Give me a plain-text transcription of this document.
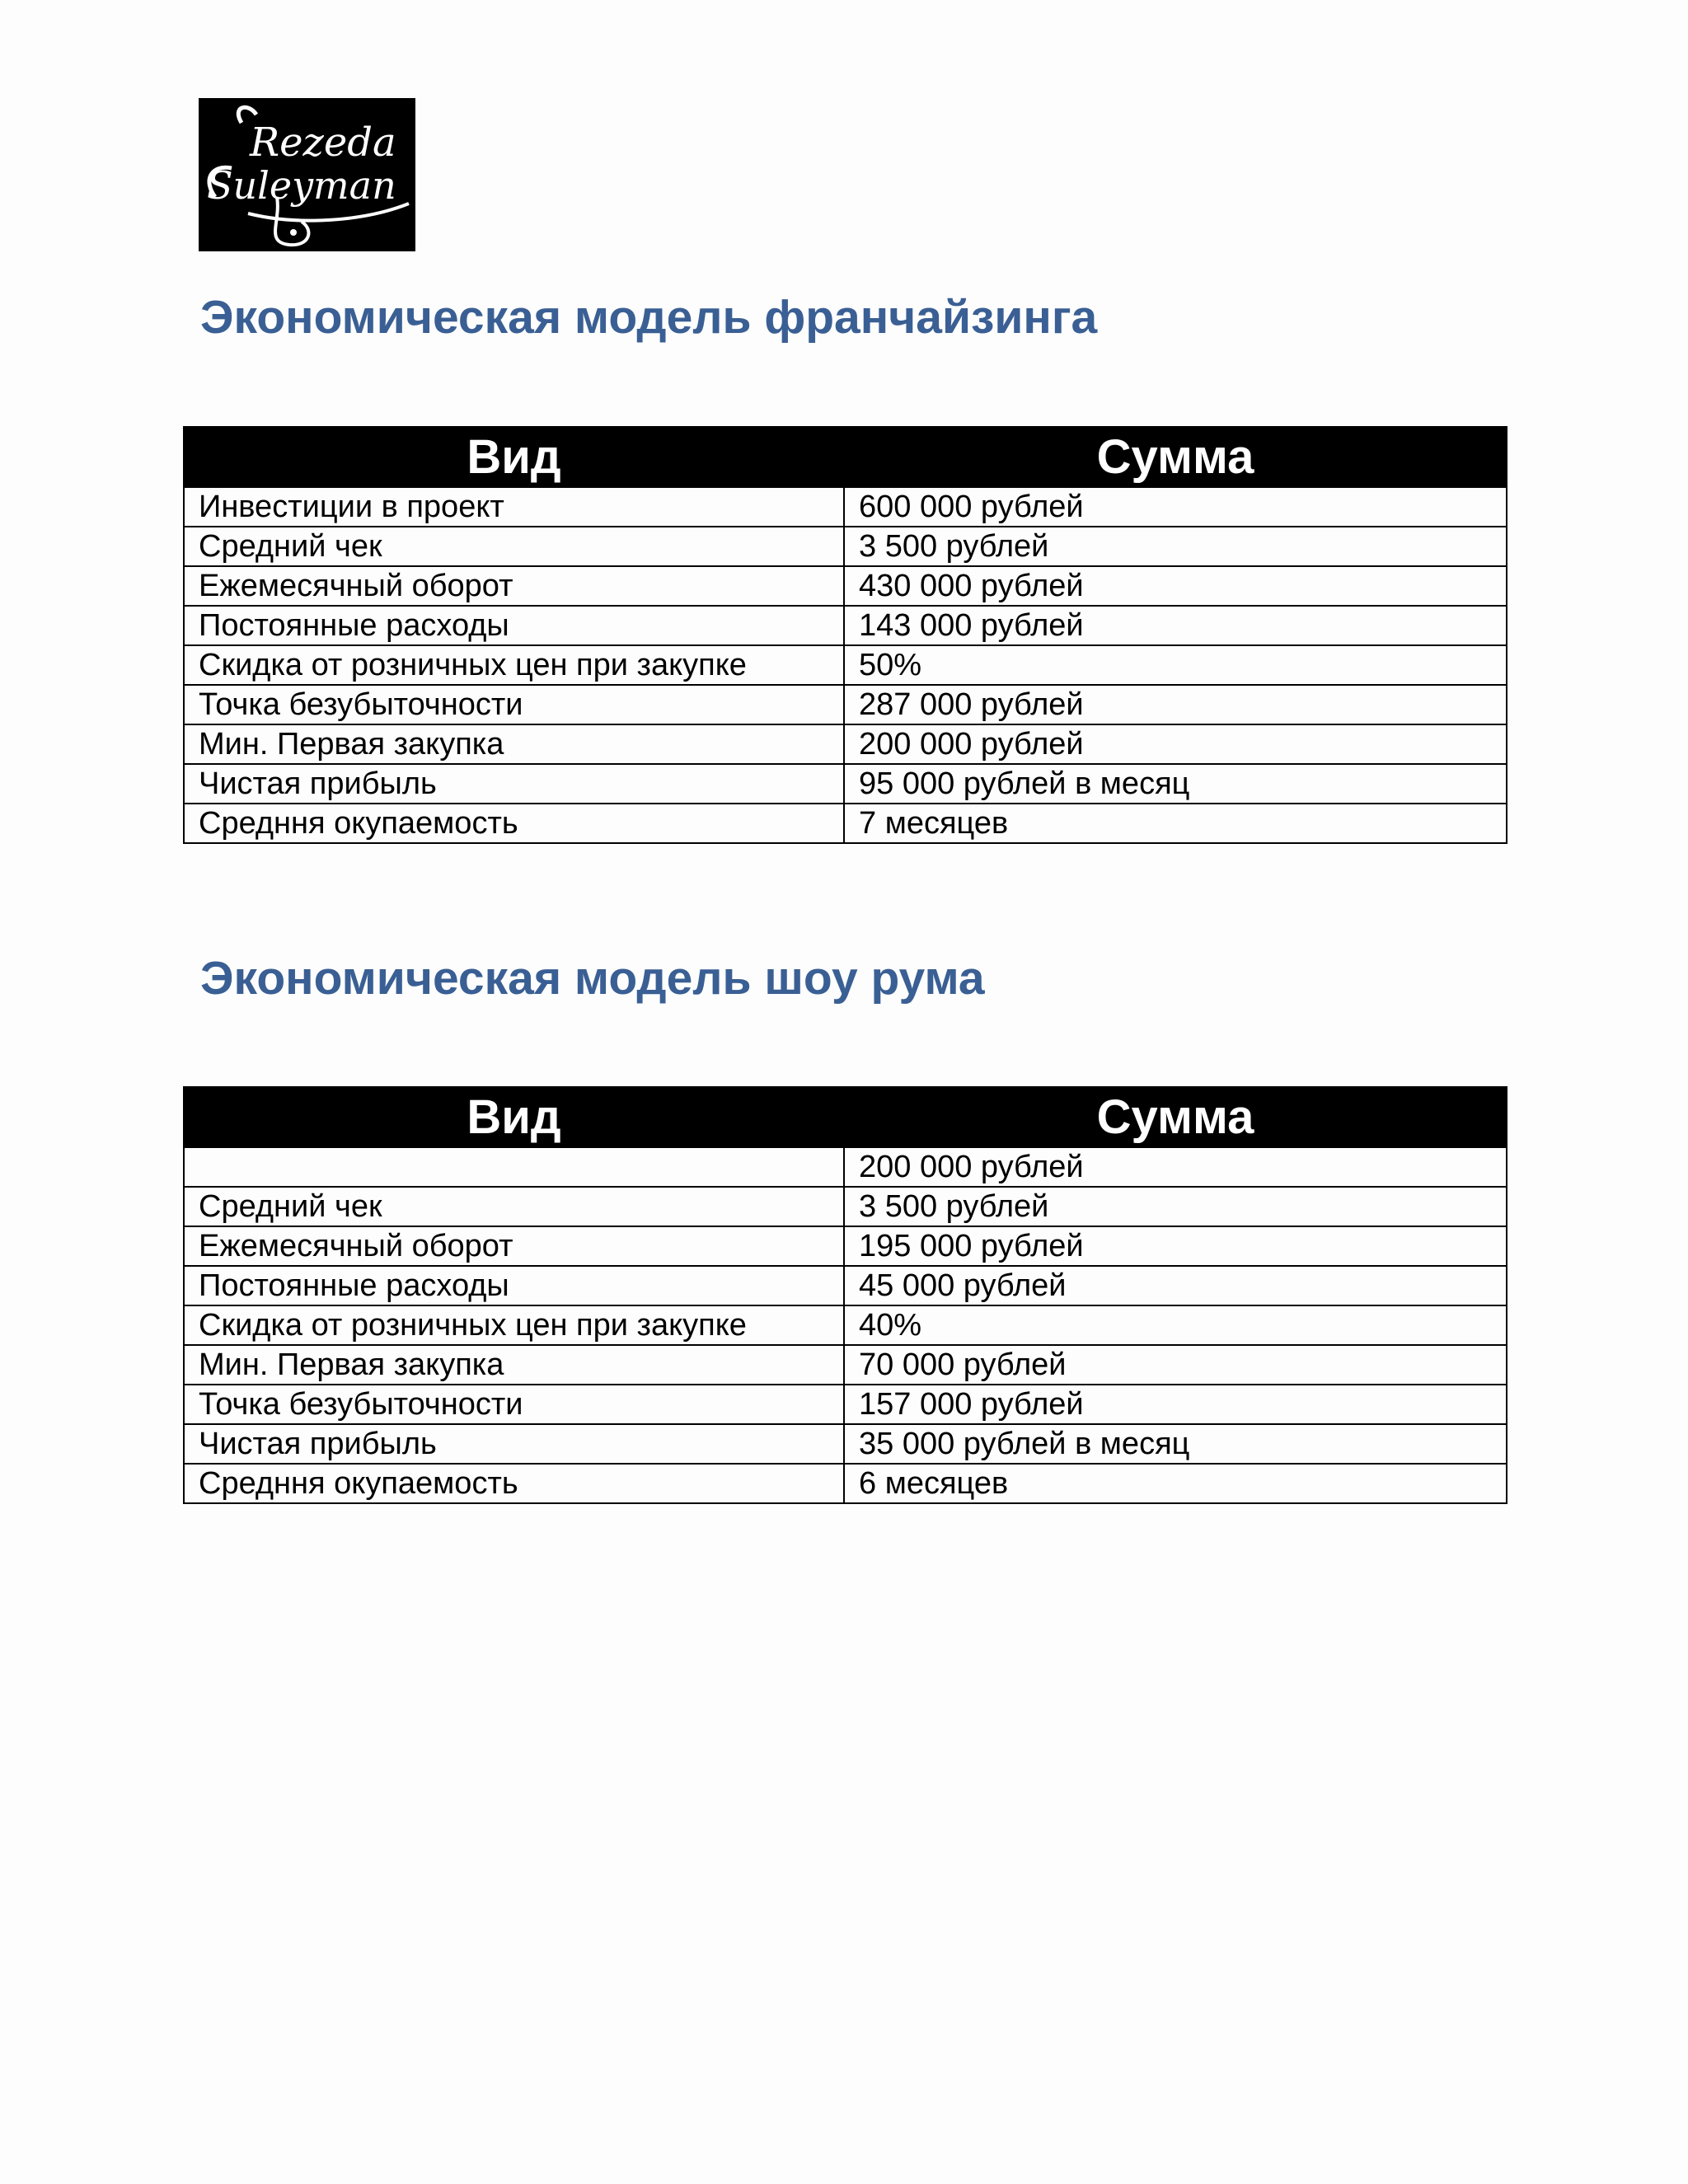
Rezeda
Suleyman
Экономическая модель франчайзинга
Вид	Сумма
Инвестиции в проект	600 000 рублей
Средний чек	3 500 рублей
Ежемесячный оборот	430 000 рублей
Постоянные расходы	143 000 рублей
Скидка от розничных цен при закупке	50%
Точка безубыточности	287 000 рублей
Мин. Первая закупка	200 000 рублей
Чистая прибыль	95 000 рублей в месяц
Средння окупаемость	7 месяцев
Экономическая модель шоу рума
Вид	Сумма
	200 000 рублей
Средний чек	3 500 рублей
Ежемесячный оборот	195 000 рублей
Постоянные расходы	45 000 рублей
Скидка от розничных цен при закупке	40%
Мин. Первая закупка	70 000 рублей
Точка безубыточности	157 000 рублей
Чистая прибыль	35 000 рублей в месяц
Средння окупаемость	6 месяцев
